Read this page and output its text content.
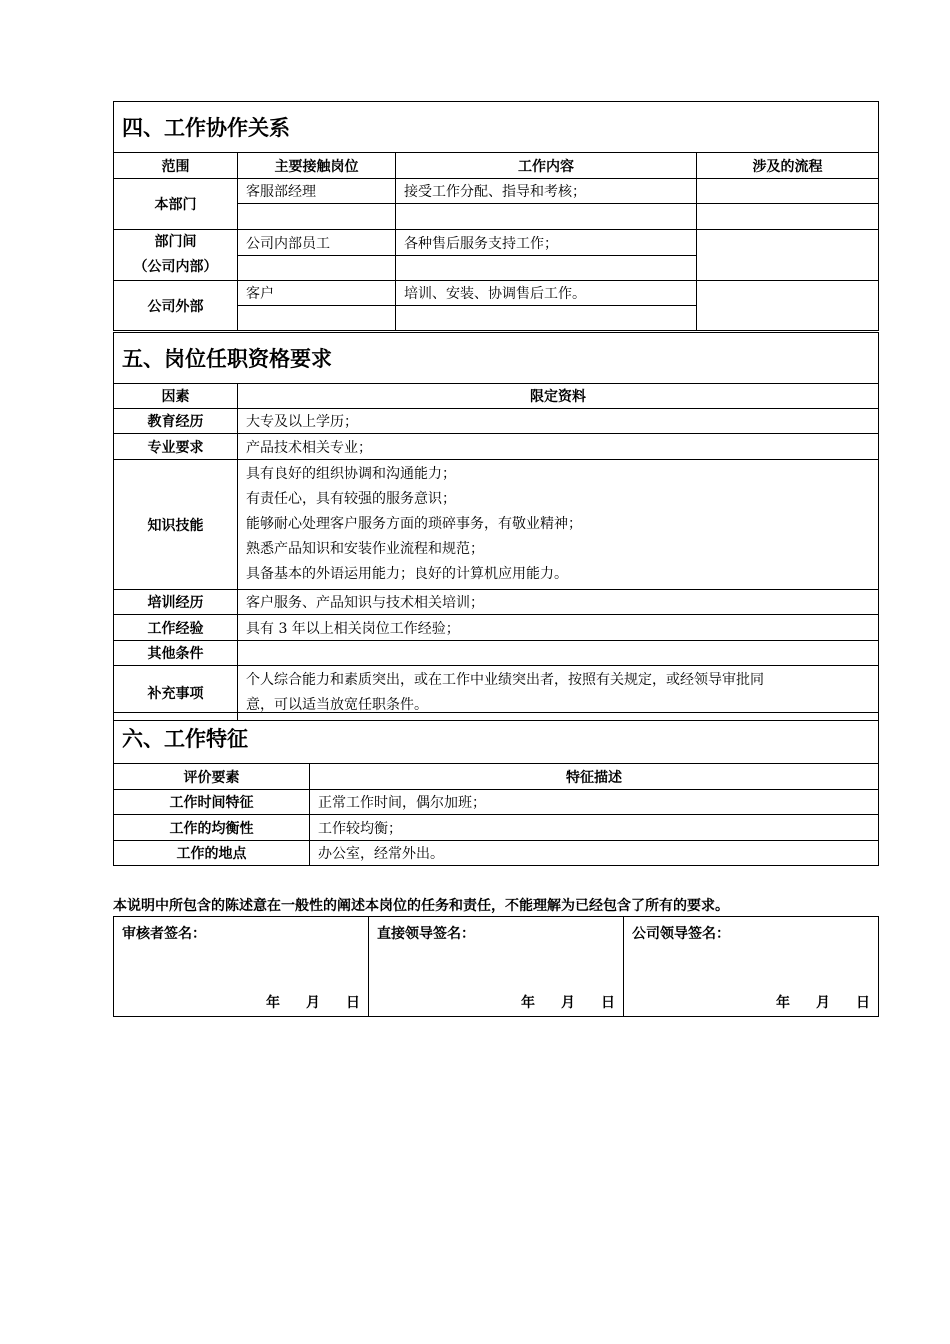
四、工作协作关系			
范围	主要接触岗位	工作内容	涉及的流程
本部门	客服部经理	接受工作分配、指导和考核；	

部门间
（公司内部）	公司内部员工	各种售后服务支持工作；	

公司外部	客户	培训、安装、协调售后工作。	

五、岗位任职资格要求	
因素	限定资料
教育经历	大专及以上学历；
专业要求	产品技术相关专业；
知识技能	具有良好的组织协调和沟通能力；
有责任心，具有较强的服务意识；
能够耐心处理客户服务方面的琐碎事务，有敬业精神；
熟悉产品知识和安装作业流程和规范；
具备基本的外语运用能力；良好的计算机应用能力。

培训经历	客户服务、产品知识与技术相关培训；
工作经验	具有 3 年以上相关岗位工作经验；
其他条件	
补充事项	个人综合能力和素质突出，或在工作中业绩突出者，按照有关规定，或经领导审批同
意，可以适当放宽任职条件。
六、工作特征	
评价要素	特征描述
工作时间特征	正常工作时间，偶尔加班；
工作的均衡性	工作较均衡；
工作的地点	办公室，经常外出。
本说明中所包含的陈述意在一般性的阐述本岗位的任务和责任，不能理解为已经包含了所有的要求。
审核者签名：
年 月 日

直接领导签名：
年 月 日

公司领导签名：
年 月 日
